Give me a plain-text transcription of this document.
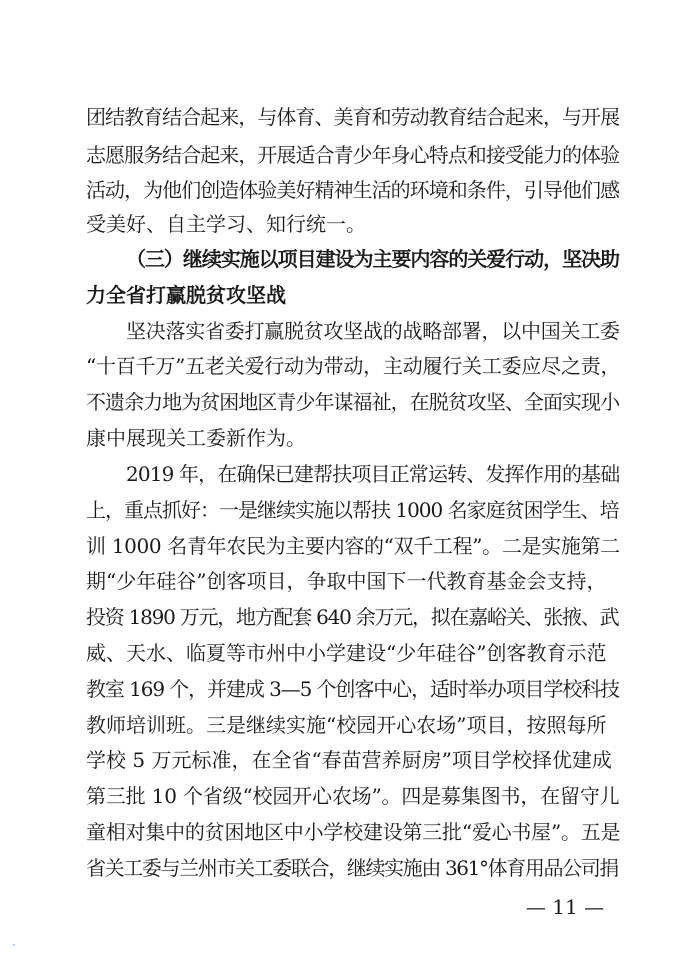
团结教育结合起来，与体育、美育和劳动教育结合起来，与开展
志愿服务结合起来，开展适合青少年身心特点和接受能力的体验
活动，为他们创造体验美好精神生活的环境和条件，引导他们感
受美好、自主学习、知行统一。
（三）继续实施以项目建设为主要内容的关爱行动，坚决助
力全省打赢脱贫攻坚战
坚决落实省委打赢脱贫攻坚战的战略部署，以中国关工委
“十百千万”五老关爱行动为带动，主动履行关工委应尽之责，
不遗余力地为贫困地区青少年谋福祉，在脱贫攻坚、全面实现小
康中展现关工委新作为。
2019 年，在确保已建帮扶项目正常运转、发挥作用的基础
上，重点抓好：一是继续实施以帮扶 1000 名家庭贫困学生、培
训 1000 名青年农民为主要内容的“双千工程”。二是实施第二
期“少年硅谷”创客项目，争取中国下一代教育基金会支持，
投资 1890 万元，地方配套 640 余万元，拟在嘉峪关、张掖、武
威、天水、临夏等市州中小学建设“少年硅谷”创客教育示范
教室 169 个，并建成 3—5 个创客中心，适时举办项目学校科技
教师培训班。三是继续实施“校园开心农场”项目，按照每所
学校 5 万元标准，在全省“春苗营养厨房”项目学校择优建成
第三批 10 个省级“校园开心农场”。四是募集图书，在留守儿
童相对集中的贫困地区中小学校建设第三批“爱心书屋”。五是
省关工委与兰州市关工委联合，继续实施由 361°体育用品公司捐
— 11 —
